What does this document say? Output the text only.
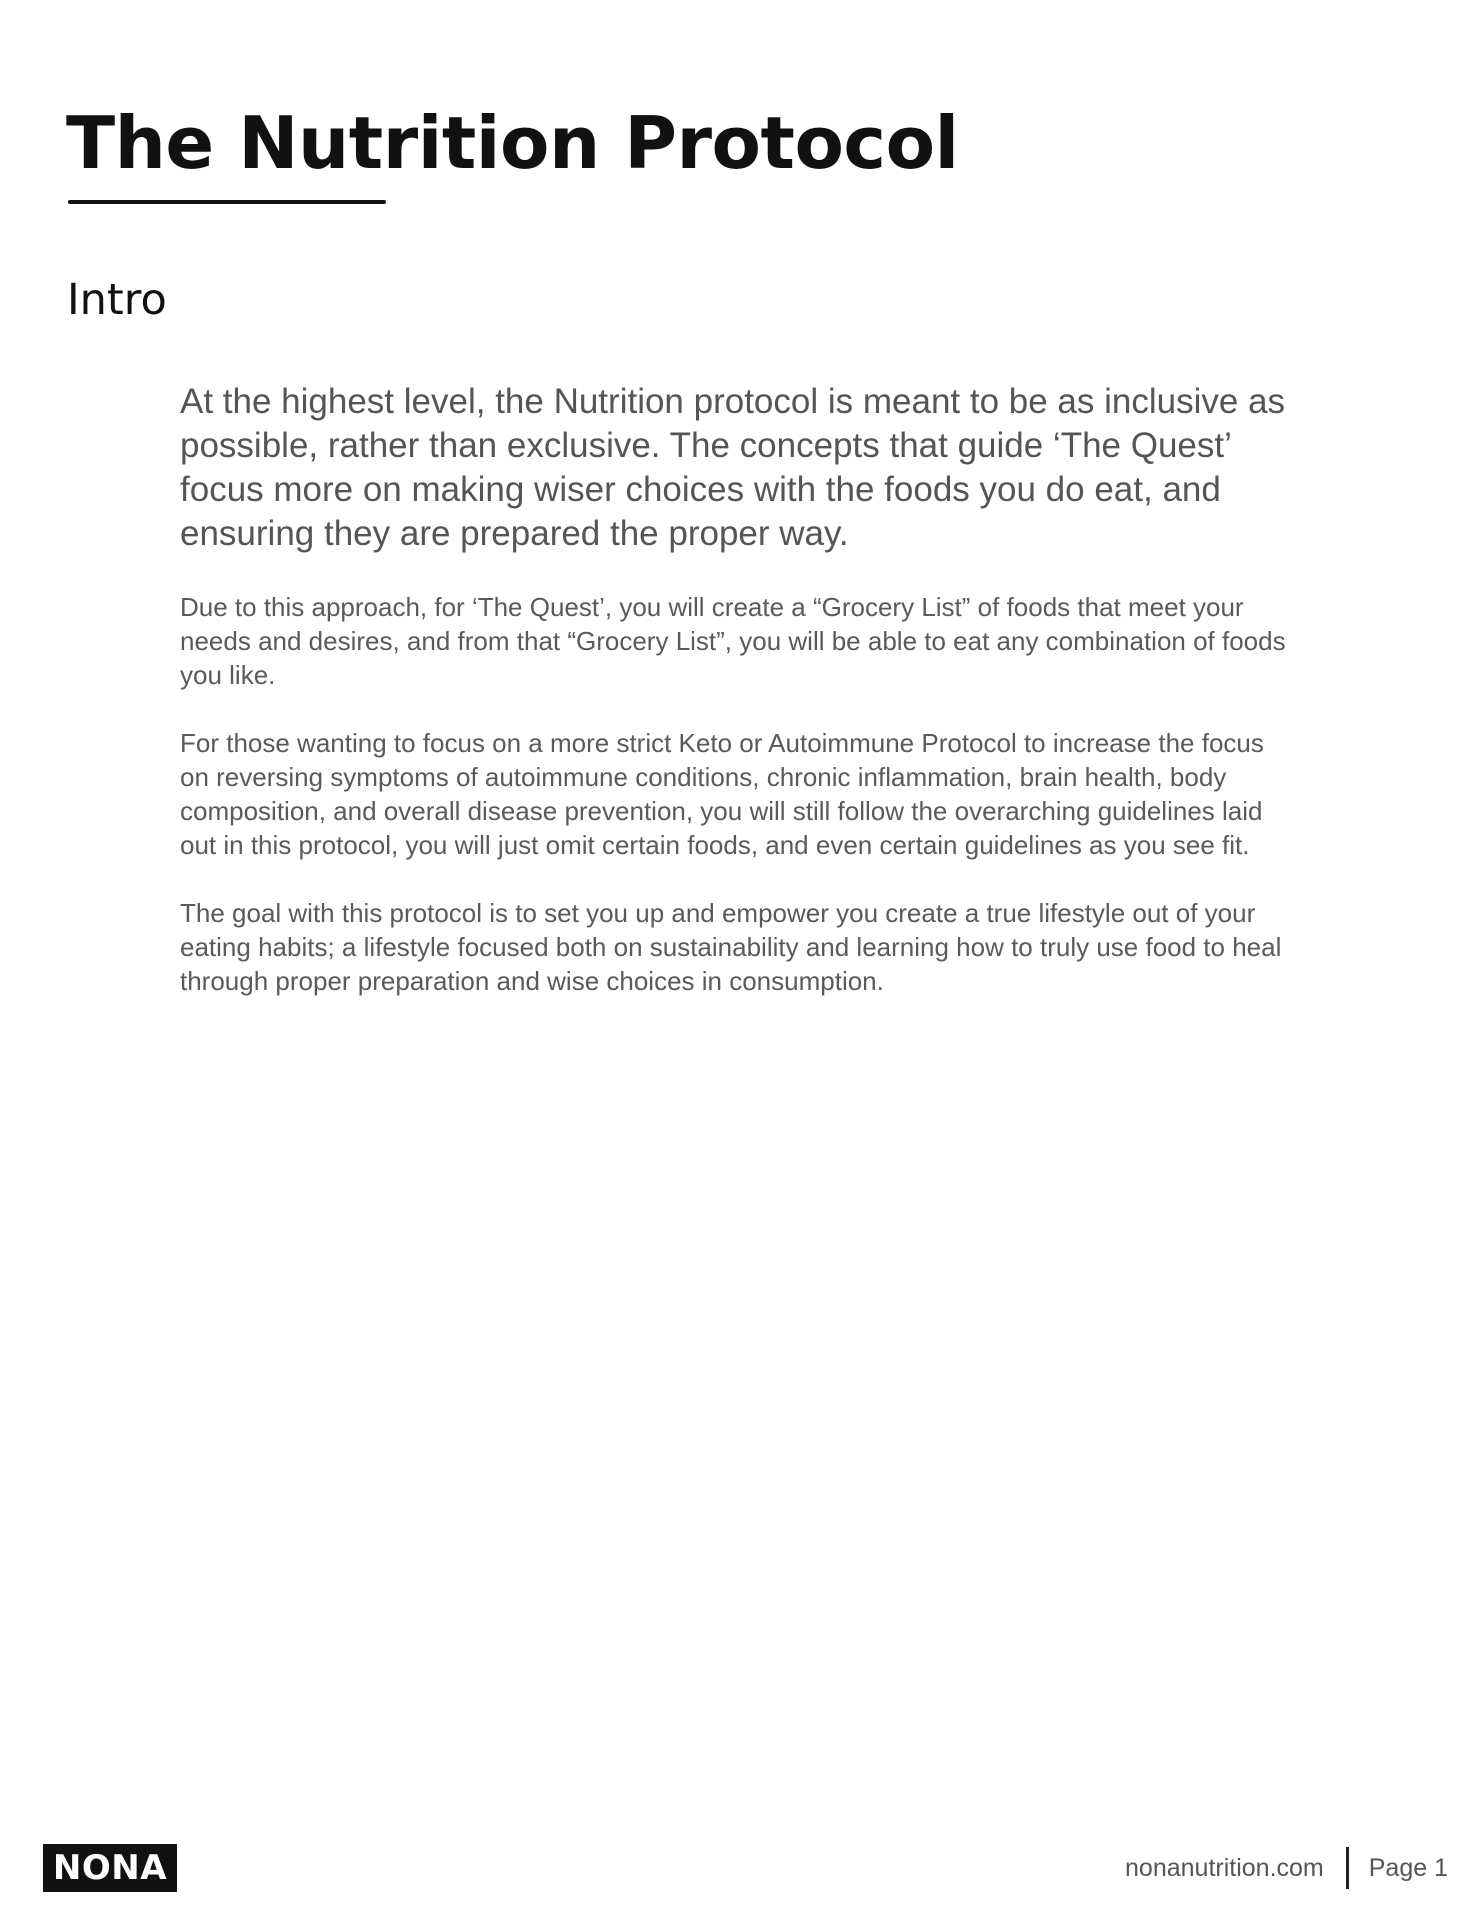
The Nutrition Protocol
Intro

At the highest level, the Nutrition protocol is meant to be as inclusive as possible, rather than exclusive. The concepts that guide ‘The Quest’ focus more on making wiser choices with the foods you do eat, and ensuring they are prepared the proper way.

Due to this approach, for ‘The Quest’, you will create a “Grocery List” of foods that meet your needs and desires, and from that “Grocery List”, you will be able to eat any combination of foods you like.

For those wanting to focus on a more strict Keto or Autoimmune Protocol to increase the focus on reversing symptoms of autoimmune conditions, chronic inflammation, brain health, body composition, and overall disease prevention, you will still follow the overarching guidelines laid out in this protocol, you will just omit certain foods, and even certain guidelines as you see fit.

The goal with this protocol is to set you up and empower you create a true lifestyle out of your eating habits; a lifestyle focused both on sustainability and learning how to truly use food to heal through proper preparation and wise choices in consumption.

NONA	nonanutrition.com Page 1
